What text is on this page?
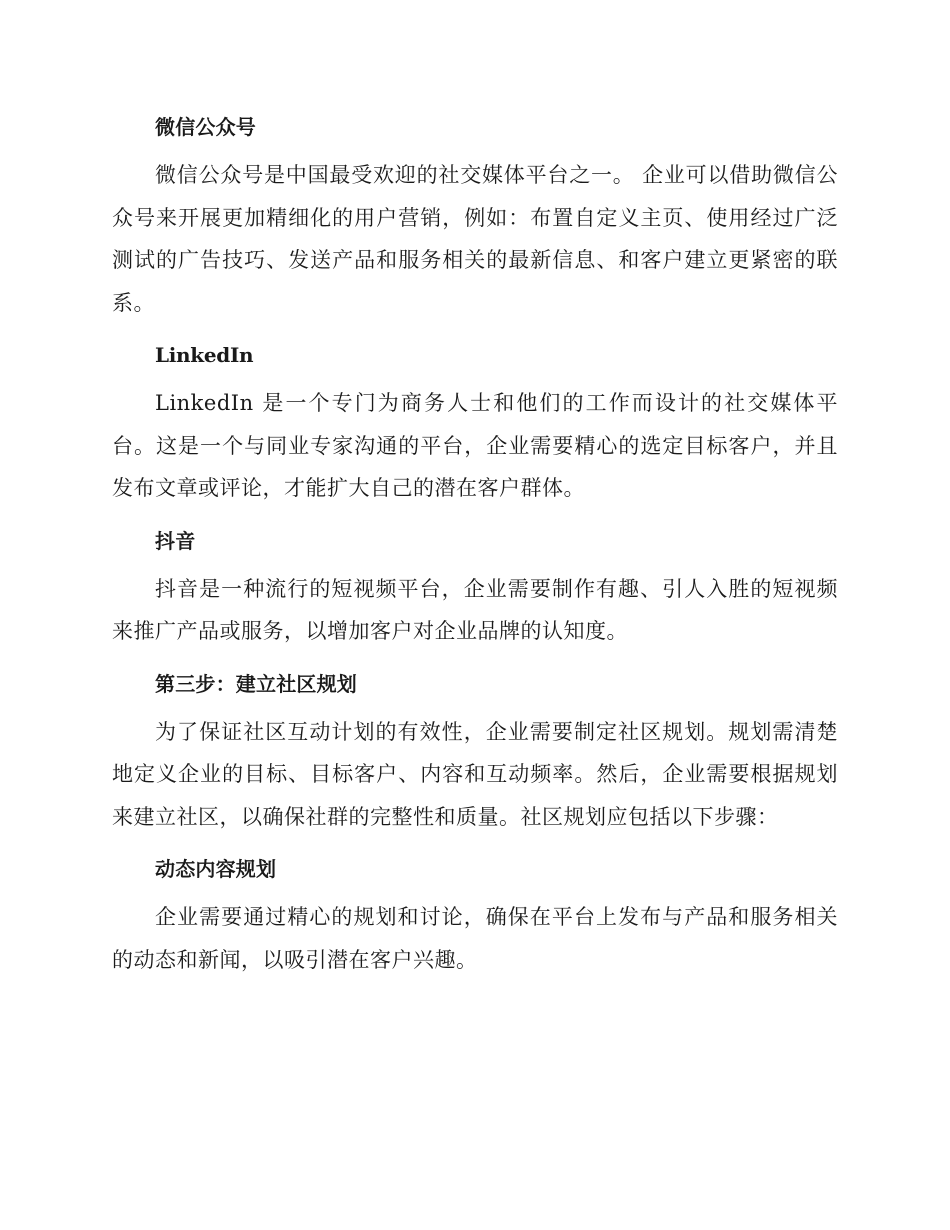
微信公众号

微信公众号是中国最受欢迎的社交媒体平台之一。 企业可以借助微信公众号来开展更加精细化的用户营销，例如：布置自定义主页、使用经过广泛测试的广告技巧、发送产品和服务相关的最新信息、和客户建立更紧密的联系。

LinkedIn

LinkedIn 是一个专门为商务人士和他们的工作而设计的社交媒体平台。这是一个与同业专家沟通的平台，企业需要精心的选定目标客户，并且发布文章或评论，才能扩大自己的潜在客户群体。

抖音

抖音是一种流行的短视频平台，企业需要制作有趣、引人入胜的短视频来推广产品或服务，以增加客户对企业品牌的认知度。

第三步：建立社区规划

为了保证社区互动计划的有效性，企业需要制定社区规划。规划需清楚地定义企业的目标、目标客户、内容和互动频率。然后，企业需要根据规划来建立社区，以确保社群的完整性和质量。社区规划应包括以下步骤：

动态内容规划

企业需要通过精心的规划和讨论，确保在平台上发布与产品和服务相关的动态和新闻，以吸引潜在客户兴趣。
